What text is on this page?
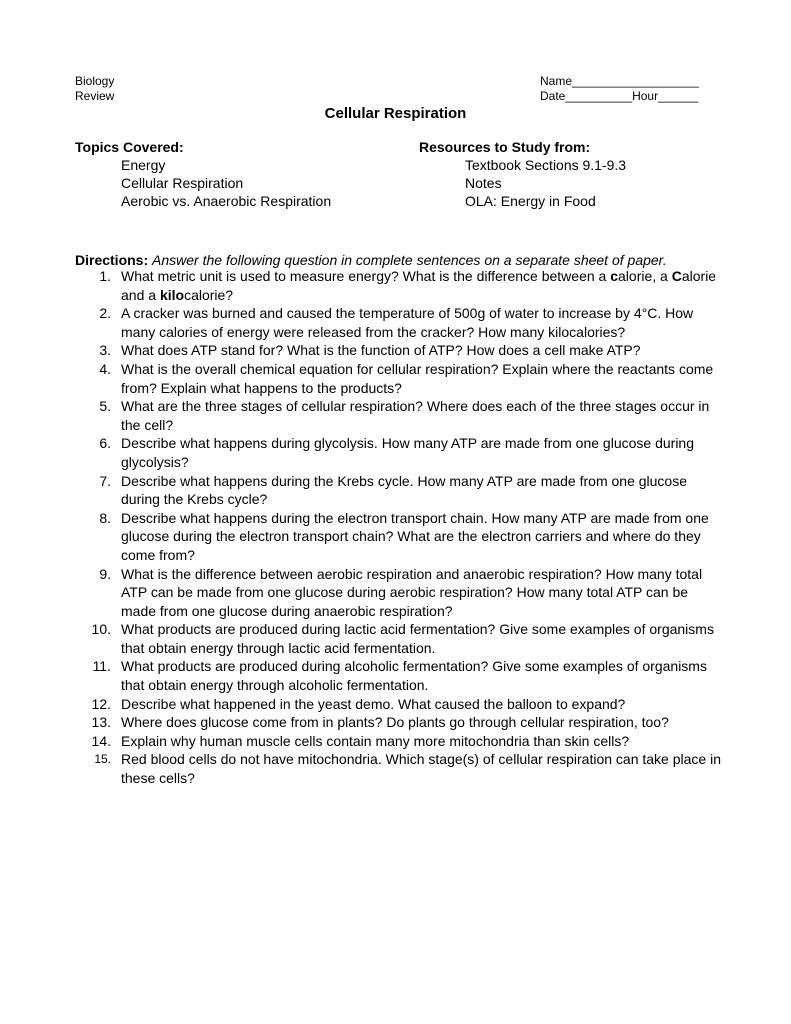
Biology
Review
Name___________________
Date__________Hour______
Cellular Respiration
Topics Covered:
Energy
Cellular Respiration
Aerobic vs. Anaerobic Respiration
Resources to Study from:
Textbook Sections 9.1-9.3
Notes
OLA: Energy in Food
Directions: Answer the following question in complete sentences on a separate sheet of paper.
1. What metric unit is used to measure energy? What is the difference between a calorie, a Calorie and a kilocalorie?
2. A cracker was burned and caused the temperature of 500g of water to increase by 4°C. How many calories of energy were released from the cracker? How many kilocalories?
3. What does ATP stand for? What is the function of ATP? How does a cell make ATP?
4. What is the overall chemical equation for cellular respiration? Explain where the reactants come from? Explain what happens to the products?
5. What are the three stages of cellular respiration? Where does each of the three stages occur in the cell?
6. Describe what happens during glycolysis. How many ATP are made from one glucose during glycolysis?
7. Describe what happens during the Krebs cycle. How many ATP are made from one glucose during the Krebs cycle?
8. Describe what happens during the electron transport chain. How many ATP are made from one glucose during the electron transport chain? What are the electron carriers and where do they come from?
9. What is the difference between aerobic respiration and anaerobic respiration? How many total ATP can be made from one glucose during aerobic respiration? How many total ATP can be made from one glucose during anaerobic respiration?
10. What products are produced during lactic acid fermentation? Give some examples of organisms that obtain energy through lactic acid fermentation.
11. What products are produced during alcoholic fermentation? Give some examples of organisms that obtain energy through alcoholic fermentation.
12. Describe what happened in the yeast demo. What caused the balloon to expand?
13. Where does glucose come from in plants? Do plants go through cellular respiration, too?
14. Explain why human muscle cells contain many more mitochondria than skin cells?
15. Red blood cells do not have mitochondria. Which stage(s) of cellular respiration can take place in these cells?
